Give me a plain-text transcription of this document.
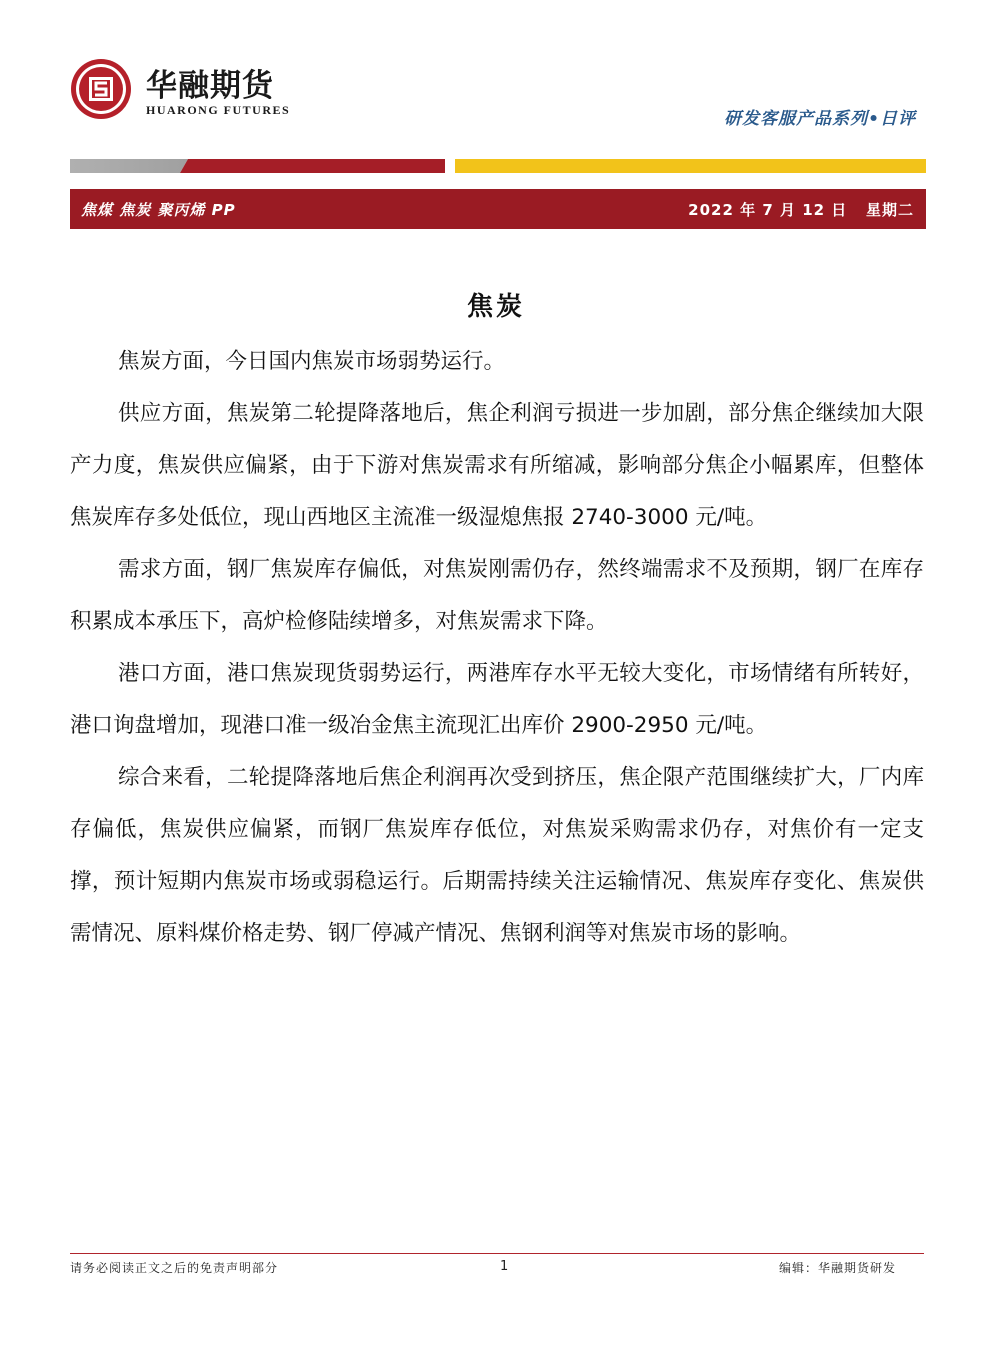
华融期货
HUARONG FUTURES	研发客服产品系列•日评
焦煤 焦炭 聚丙烯 PP	2022 年 7 月 12 日 星期二
焦炭

焦炭方面，今日国内焦炭市场弱势运行。

供应方面，焦炭第二轮提降落地后，焦企利润亏损进一步加剧，部分焦企继续加大限产力度，焦炭供应偏紧，由于下游对焦炭需求有所缩减，影响部分焦企小幅累库，但整体焦炭库存多处低位，现山西地区主流准一级湿熄焦报 2740-3000 元/吨。

需求方面，钢厂焦炭库存偏低，对焦炭刚需仍存，然终端需求不及预期，钢厂在库存积累成本承压下，高炉检修陆续增多，对焦炭需求下降。

港口方面，港口焦炭现货弱势运行，两港库存水平无较大变化，市场情绪有所转好，港口询盘增加，现港口准一级冶金焦主流现汇出库价 2900-2950 元/吨。

综合来看，二轮提降落地后焦企利润再次受到挤压，焦企限产范围继续扩大，厂内库存偏低，焦炭供应偏紧，而钢厂焦炭库存低位，对焦炭采购需求仍存，对焦价有一定支撑，预计短期内焦炭市场或弱稳运行。后期需持续关注运输情况、焦炭库存变化、焦炭供需情况、原料煤价格走势、钢厂停减产情况、焦钢利润等对焦炭市场的影响。

请务必阅读正文之后的免责声明部分	1	编辑：华融期货研发
